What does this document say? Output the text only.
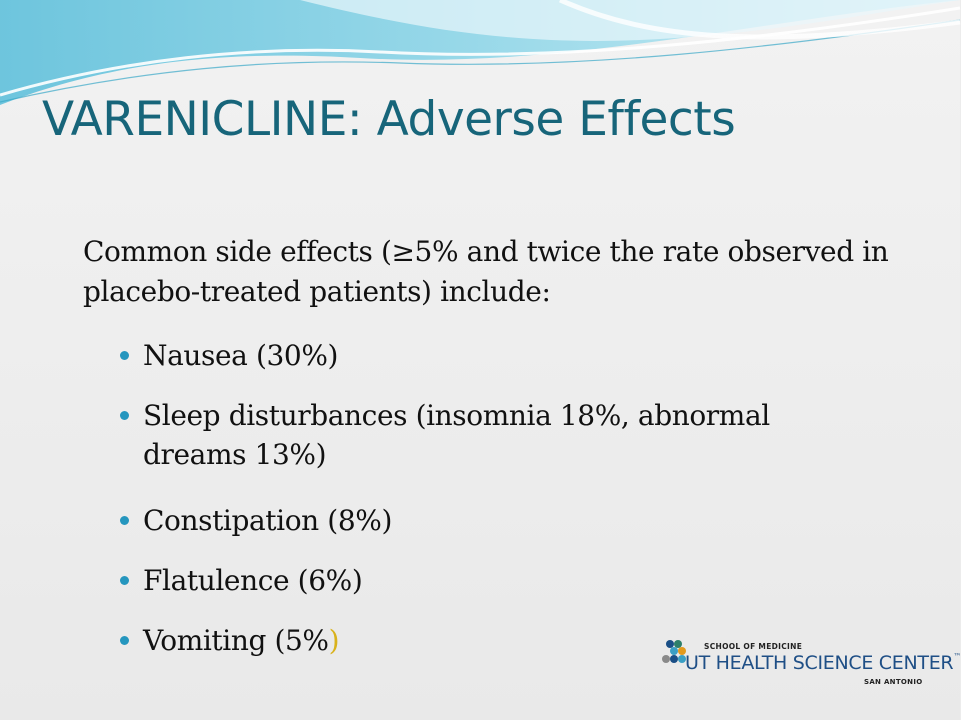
VARENICLINE: Adverse Effects
Common side effects (≥5% and twice the rate observed in placebo-treated patients) include:
Nausea (30%)
Sleep disturbances (insomnia 18%, abnormal dreams 13%)
Constipation (8%)
Flatulence (6%)
Vomiting (5%)	SCHOOL OF MEDICINE
UT HEALTH SCIENCE CENTER™
SAN ANTONIO
